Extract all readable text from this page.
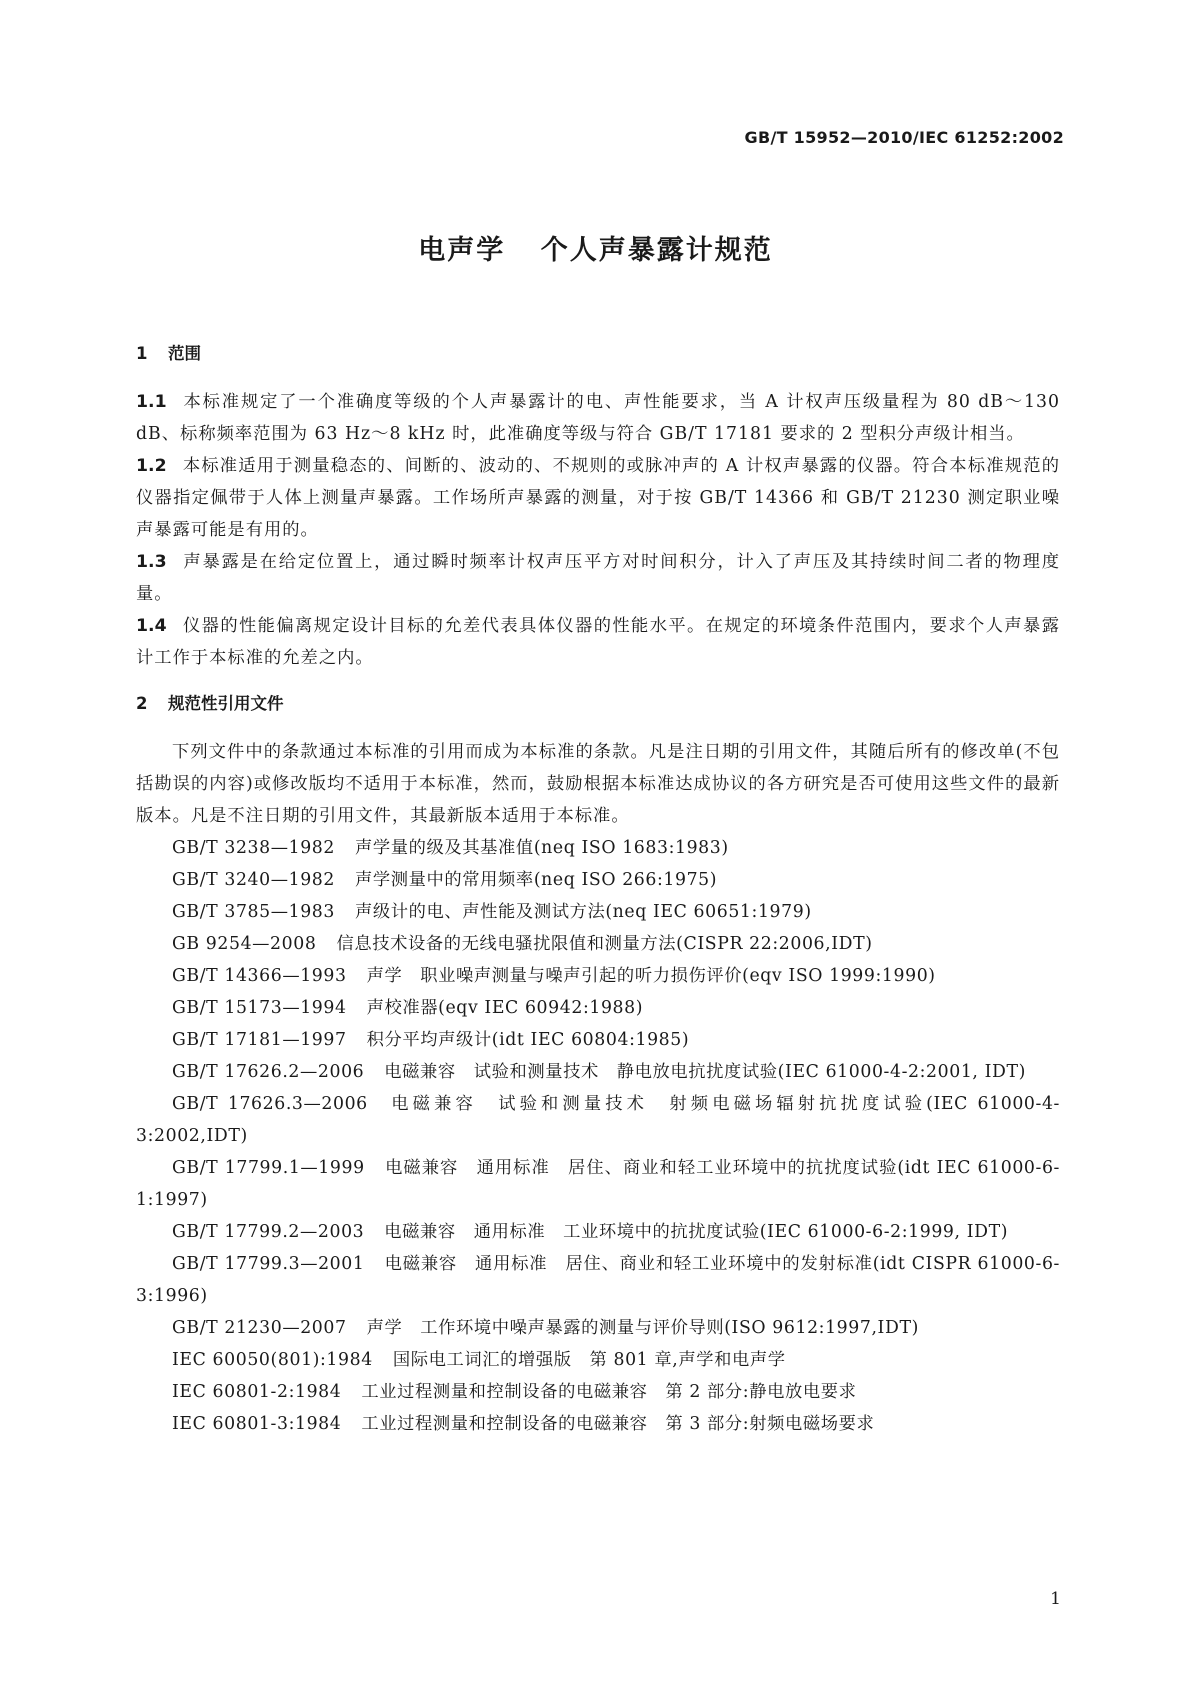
GB/T 15952—2010/IEC 61252:2002
电声学 个人声暴露计规范
1 范围

1.1 本标准规定了一个准确度等级的个人声暴露计的电、声性能要求，当 A 计权声压级量程为 80 dB～130 dB、标称频率范围为 63 Hz～8 kHz 时，此准确度等级与符合 GB/T 17181 要求的 2 型积分声级计相当。

1.2 本标准适用于测量稳态的、间断的、波动的、不规则的或脉冲声的 A 计权声暴露的仪器。符合本标准规范的仪器指定佩带于人体上测量声暴露。工作场所声暴露的测量，对于按 GB/T 14366 和 GB/T 21230 测定职业噪声暴露可能是有用的。

1.3 声暴露是在给定位置上，通过瞬时频率计权声压平方对时间积分，计入了声压及其持续时间二者的物理度量。

1.4 仪器的性能偏离规定设计目标的允差代表具体仪器的性能水平。在规定的环境条件范围内，要求个人声暴露计工作于本标准的允差之内。

2 规范性引用文件

下列文件中的条款通过本标准的引用而成为本标准的条款。凡是注日期的引用文件，其随后所有的修改单(不包括勘误的内容)或修改版均不适用于本标准，然而，鼓励根据本标准达成协议的各方研究是否可使用这些文件的最新版本。凡是不注日期的引用文件，其最新版本适用于本标准。

GB/T 3238—1982 声学量的级及其基准值(neq ISO 1683:1983)

GB/T 3240—1982 声学测量中的常用频率(neq ISO 266:1975)

GB/T 3785—1983 声级计的电、声性能及测试方法(neq IEC 60651:1979)

GB 9254—2008 信息技术设备的无线电骚扰限值和测量方法(CISPR 22:2006,IDT)

GB/T 14366—1993 声学　职业噪声测量与噪声引起的听力损伤评价(eqv ISO 1999:1990)

GB/T 15173—1994 声校准器(eqv IEC 60942:1988)

GB/T 17181—1997 积分平均声级计(idt IEC 60804:1985)

GB/T 17626.2—2006 电磁兼容　试验和测量技术　静电放电抗扰度试验(IEC 61000-4-2:2001, IDT)

GB/T 17626.3—2006 电磁兼容　试验和测量技术　射频电磁场辐射抗扰度试验(IEC 61000-4-3:2002,IDT)

GB/T 17799.1—1999 电磁兼容　通用标准　居住、商业和轻工业环境中的抗扰度试验(idt IEC 61000-6-1:1997)

GB/T 17799.2—2003 电磁兼容　通用标准　工业环境中的抗扰度试验(IEC 61000-6-2:1999, IDT)

GB/T 17799.3—2001 电磁兼容　通用标准　居住、商业和轻工业环境中的发射标准(idt CISPR 61000-6-3:1996)

GB/T 21230—2007 声学　工作环境中噪声暴露的测量与评价导则(ISO 9612:1997,IDT)

IEC 60050(801):1984 国际电工词汇的增强版　第 801 章,声学和电声学

IEC 60801-2:1984 工业过程测量和控制设备的电磁兼容　第 2 部分:静电放电要求

IEC 60801-3:1984 工业过程测量和控制设备的电磁兼容　第 3 部分:射频电磁场要求

1
